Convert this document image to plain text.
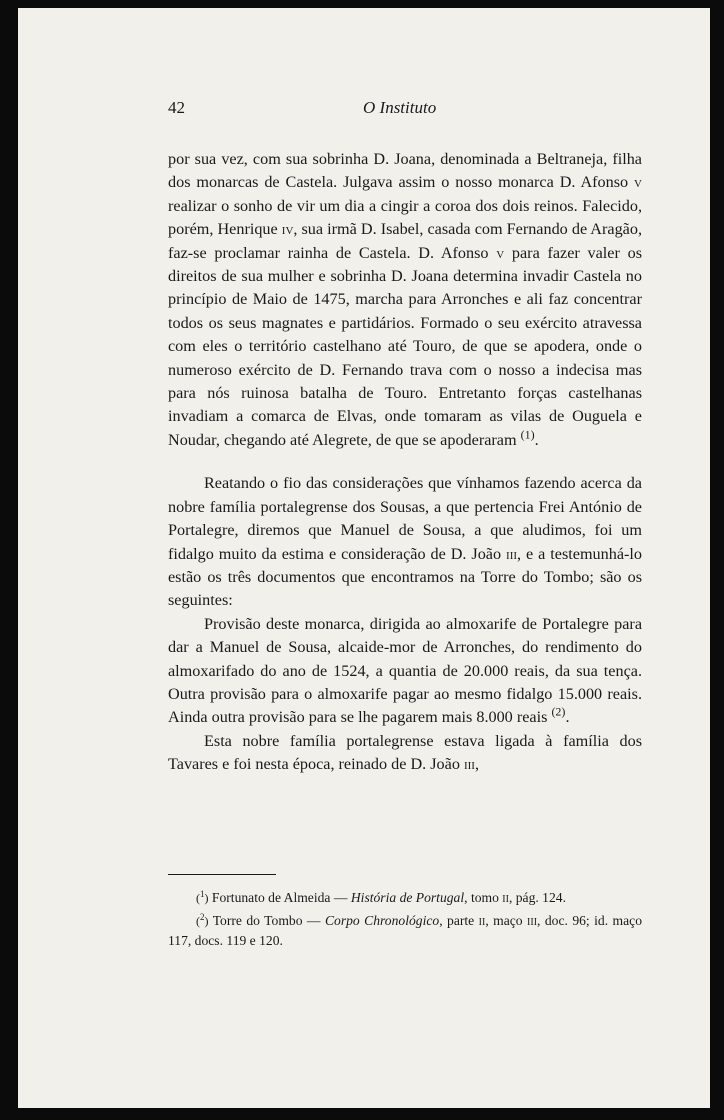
42	O Instituto

por sua vez, com sua sobrinha D. Joana, denominada a Beltraneja, filha dos monarcas de Castela. Julgava assim o nosso monarca D. Afonso v realizar o sonho de vir um dia a cingir a coroa dos dois reinos. Falecido, porém, Henrique iv, sua irmã D. Isabel, casada com Fernando de Aragão, faz-se proclamar rainha de Castela. D. Afonso v para fazer valer os direitos de sua mulher e sobrinha D. Joana determina invadir Castela no princípio de Maio de 1475, marcha para Arronches e ali faz concentrar todos os seus magnates e partidários. Formado o seu exército atravessa com eles o território castelhano até Touro, de que se apodera, onde o numeroso exército de D. Fernando trava com o nosso a indecisa mas para nós ruinosa batalha de Touro. Entretanto forças castelhanas invadiam a comarca de Elvas, onde tomaram as vilas de Ouguela e Noudar, chegando até Alegrete, de que se apoderaram $^{(1)}$.

Reatando o fio das considerações que vínhamos fazendo acerca da nobre família portalegrense dos Sousas, a que pertencia Frei António de Portalegre, diremos que Manuel de Sousa, a que aludimos, foi um fidalgo muito da estima e consideração de D. João iii, e a testemunhá-lo estão os três documentos que encontramos na Torre do Tombo; são os seguintes:

Provisão deste monarca, dirigida ao almoxarife de Portalegre para dar a Manuel de Sousa, alcaide-mor de Arronches, do rendimento do almoxarifado do ano de 1524, a quantia de 20.000 reais, da sua tença. Outra provisão para o almoxarife pagar ao mesmo fidalgo 15.000 reais. Ainda outra provisão para se lhe pagarem mais 8.000 reais $^{(2)}$.

Esta nobre família portalegrense estava ligada à família dos Tavares e foi nesta época, reinado de D. João iii,

($^1$) Fortunato de Almeida — História de Portugal, tomo ii, pág. 124.

($^2$) Torre do Tombo — Corpo Chronológico, parte ii, maço iii, doc. 96; id. maço 117, docs. 119 e 120.
